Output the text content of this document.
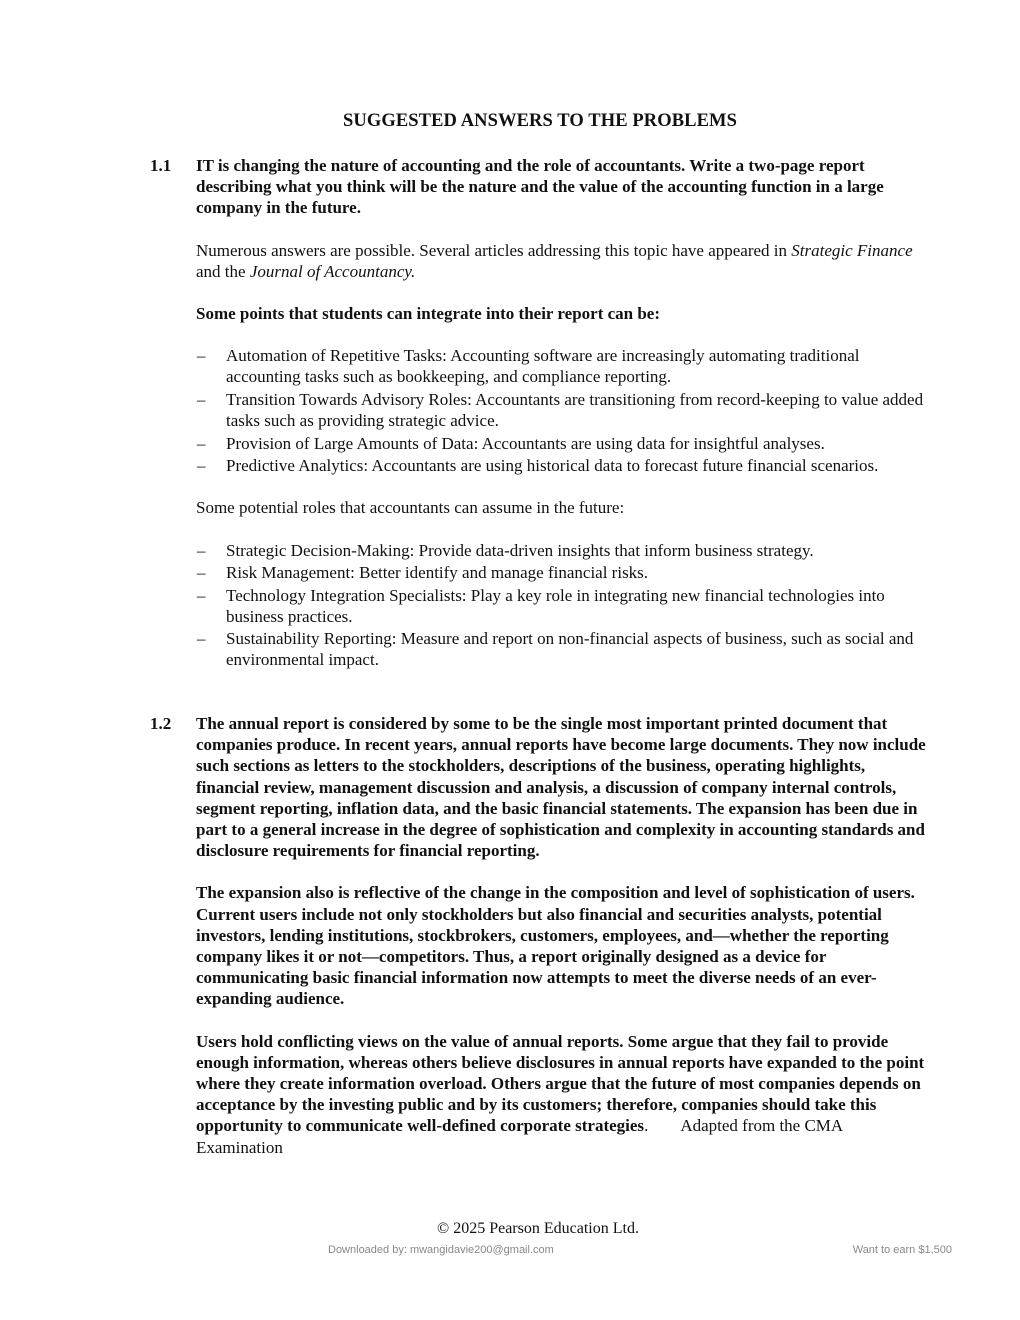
SUGGESTED ANSWERS TO THE PROBLEMS
1.1 IT is changing the nature of accounting and the role of accountants. Write a two-page report describing what you think will be the nature and the value of the accounting function in a large company in the future.

Numerous answers are possible. Several articles addressing this topic have appeared in Strategic Finance and the Journal of Accountancy.

Some points that students can integrate into their report can be:

– Automation of Repetitive Tasks: Accounting software are increasingly automating traditional accounting tasks such as bookkeeping, and compliance reporting.
– Transition Towards Advisory Roles: Accountants are transitioning from record-keeping to value added tasks such as providing strategic advice.
– Provision of Large Amounts of Data: Accountants are using data for insightful analyses.
– Predictive Analytics: Accountants are using historical data to forecast future financial scenarios.

Some potential roles that accountants can assume in the future:

– Strategic Decision-Making: Provide data-driven insights that inform business strategy.
– Risk Management: Better identify and manage financial risks.
– Technology Integration Specialists: Play a key role in integrating new financial technologies into business practices.
– Sustainability Reporting: Measure and report on non-financial aspects of business, such as social and environmental impact.
1.2 The annual report is considered by some to be the single most important printed document that companies produce. In recent years, annual reports have become large documents. They now include such sections as letters to the stockholders, descriptions of the business, operating highlights, financial review, management discussion and analysis, a discussion of company internal controls, segment reporting, inflation data, and the basic financial statements. The expansion has been due in part to a general increase in the degree of sophistication and complexity in accounting standards and disclosure requirements for financial reporting.

The expansion also is reflective of the change in the composition and level of sophistication of users. Current users include not only stockholders but also financial and securities analysts, potential investors, lending institutions, stockbrokers, customers, employees, and—whether the reporting company likes it or not—competitors. Thus, a report originally designed as a device for communicating basic financial information now attempts to meet the diverse needs of an ever-expanding audience.

Users hold conflicting views on the value of annual reports. Some argue that they fail to provide enough information, whereas others believe disclosures in annual reports have expanded to the point where they create information overload. Others argue that the future of most companies depends on acceptance by the investing public and by its customers; therefore, companies should take this opportunity to communicate well-defined corporate strategies. Adapted from the CMA Examination

© 2025 Pearson Education Ltd.
Downloaded by: mwangidavie200@gmail.com	Want to earn $1,500
